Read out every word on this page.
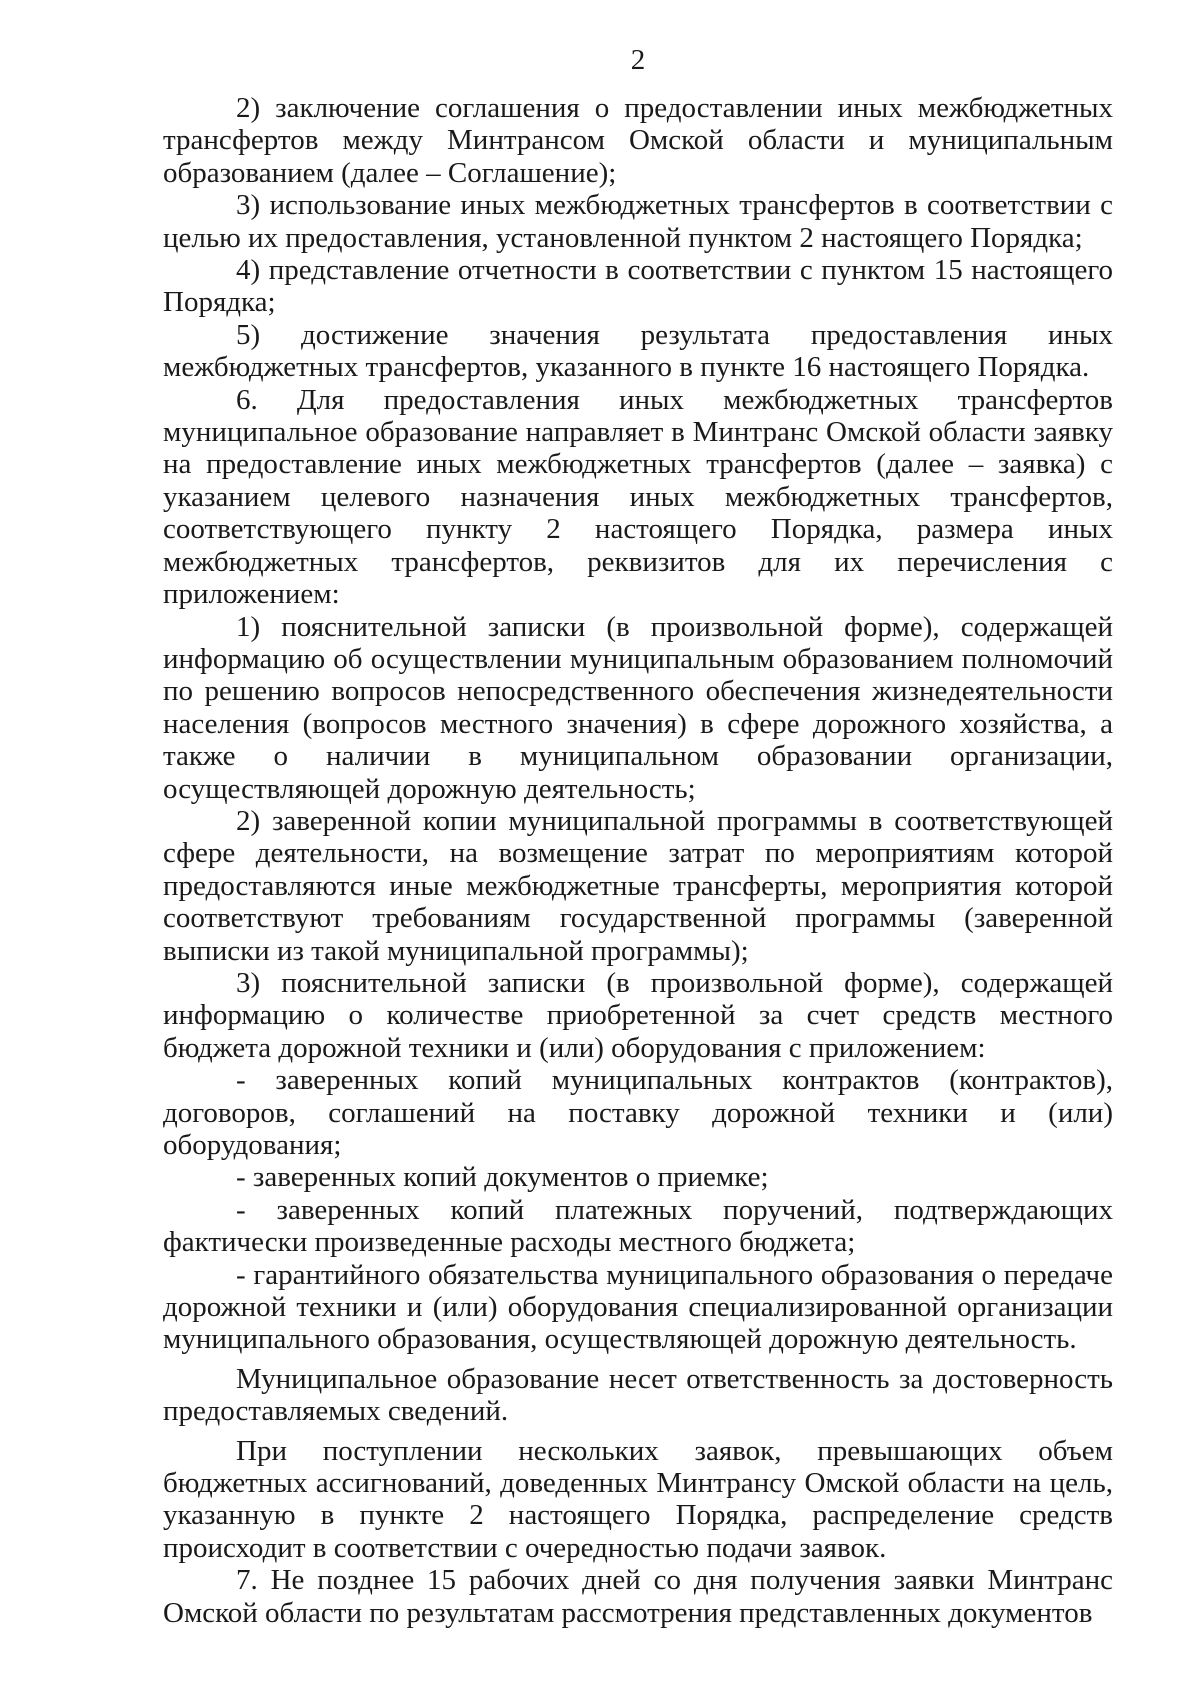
2

2) заключение соглашения о предоставлении иных межбюджетных трансфертов между Минтрансом Омской области и муниципальным образованием (далее – Соглашение);

3) использование иных межбюджетных трансфертов в соответствии с целью их предоставления, установленной пунктом 2 настоящего Порядка;

4) представление отчетности в соответствии с пунктом 15 настоящего Порядка;

5) достижение значения результата предоставления иных межбюджетных трансфертов, указанного в пункте 16 настоящего Порядка.

6. Для предоставления иных межбюджетных трансфертов муниципальное образование направляет в Минтранс Омской области заявку на предоставление иных межбюджетных трансфертов (далее – заявка) с указанием целевого назначения иных межбюджетных трансфертов, соответствующего пункту 2 настоящего Порядка, размера иных межбюджетных трансфертов, реквизитов для их перечисления с приложением:

1) пояснительной записки (в произвольной форме), содержащей информацию об осуществлении муниципальным образованием полномочий по решению вопросов непосредственного обеспечения жизнедеятельности населения (вопросов местного значения) в сфере дорожного хозяйства, а также о наличии в муниципальном образовании организации, осуществляющей дорожную деятельность;

2) заверенной копии муниципальной программы в соответствующей сфере деятельности, на возмещение затрат по мероприятиям которой предоставляются иные межбюджетные трансферты, мероприятия которой соответствуют требованиям государственной программы (заверенной выписки из такой муниципальной программы);

3) пояснительной записки (в произвольной форме), содержащей информацию о количестве приобретенной за счет средств местного бюджета дорожной техники и (или) оборудования с приложением:

- заверенных копий муниципальных контрактов (контрактов), договоров, соглашений на поставку дорожной техники и (или) оборудования;

- заверенных копий документов о приемке;

- заверенных копий платежных поручений, подтверждающих фактически произведенные расходы местного бюджета;

- гарантийного обязательства муниципального образования о передаче дорожной техники и (или) оборудования специализированной организации муниципального образования, осуществляющей дорожную деятельность.

Муниципальное образование несет ответственность за достоверность предоставляемых сведений.

При поступлении нескольких заявок, превышающих объем бюджетных ассигнований, доведенных Минтрансу Омской области на цель, указанную в пункте 2 настоящего Порядка, распределение средств происходит в соответствии с очередностью подачи заявок.

7. Не позднее 15 рабочих дней со дня получения заявки Минтранс Омской области по результатам рассмотрения представленных документов
